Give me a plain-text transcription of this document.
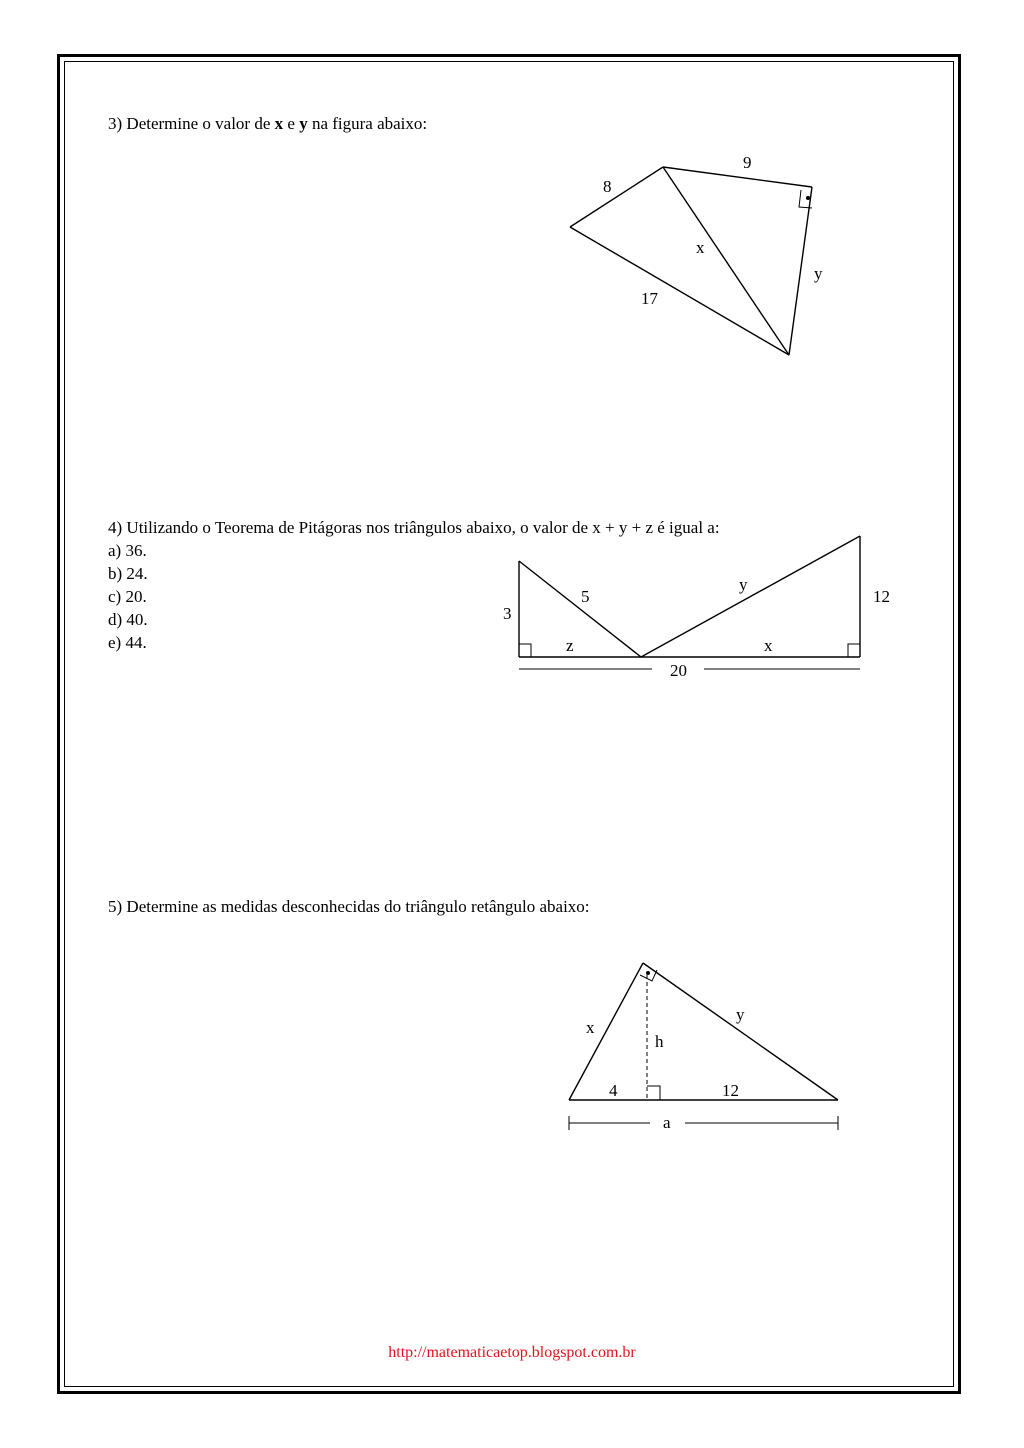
3) Determine o valor de x e y na figura abaixo:
8
9
x
y
17
3
5
z
y
12
x
20
x
y
h
4	12
a
4) Utilizando o Teorema de Pitágoras nos triângulos abaixo, o valor de x + y + z é igual a:
a) 36.
b) 24.
c) 20.
d) 40.
e) 44.
5) Determine as medidas desconhecidas do triângulo retângulo abaixo:
http://matematicaetop.blogspot.com.br
